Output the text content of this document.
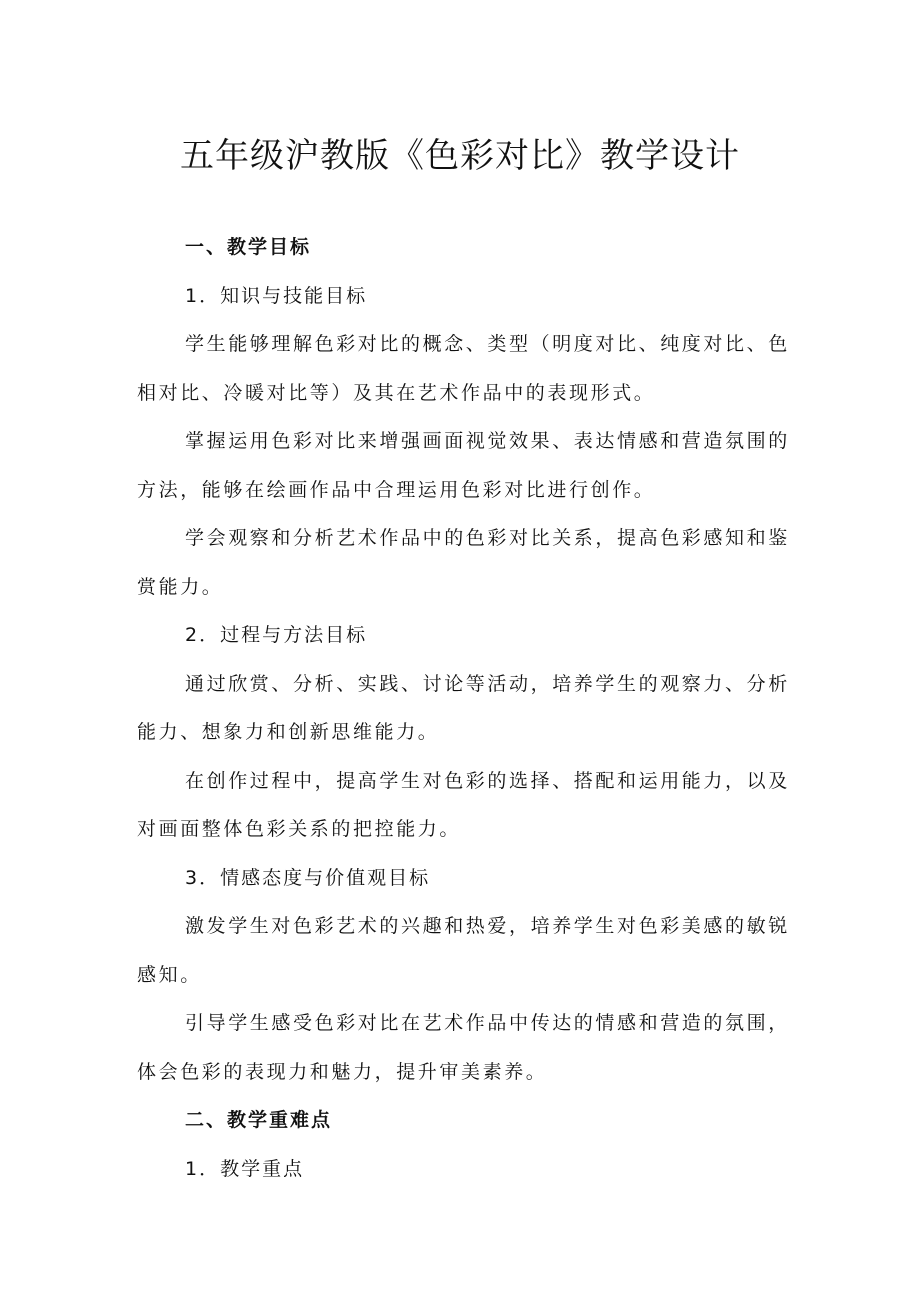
五年级沪教版《色彩对比》教学设计

一、教学目标

1．知识与技能目标

学生能够理解色彩对比的概念、类型（明度对比、纯度对比、色

相对比、冷暖对比等）及其在艺术作品中的表现形式。

掌握运用色彩对比来增强画面视觉效果、表达情感和营造氛围的

方法，能够在绘画作品中合理运用色彩对比进行创作。

学会观察和分析艺术作品中的色彩对比关系，提高色彩感知和鉴

赏能力。

2．过程与方法目标

通过欣赏、分析、实践、讨论等活动，培养学生的观察力、分析

能力、想象力和创新思维能力。

在创作过程中，提高学生对色彩的选择、搭配和运用能力，以及

对画面整体色彩关系的把控能力。

3．情感态度与价值观目标

激发学生对色彩艺术的兴趣和热爱，培养学生对色彩美感的敏锐

感知。

引导学生感受色彩对比在艺术作品中传达的情感和营造的氛围，

体会色彩的表现力和魅力，提升审美素养。

二、教学重难点

1．教学重点
